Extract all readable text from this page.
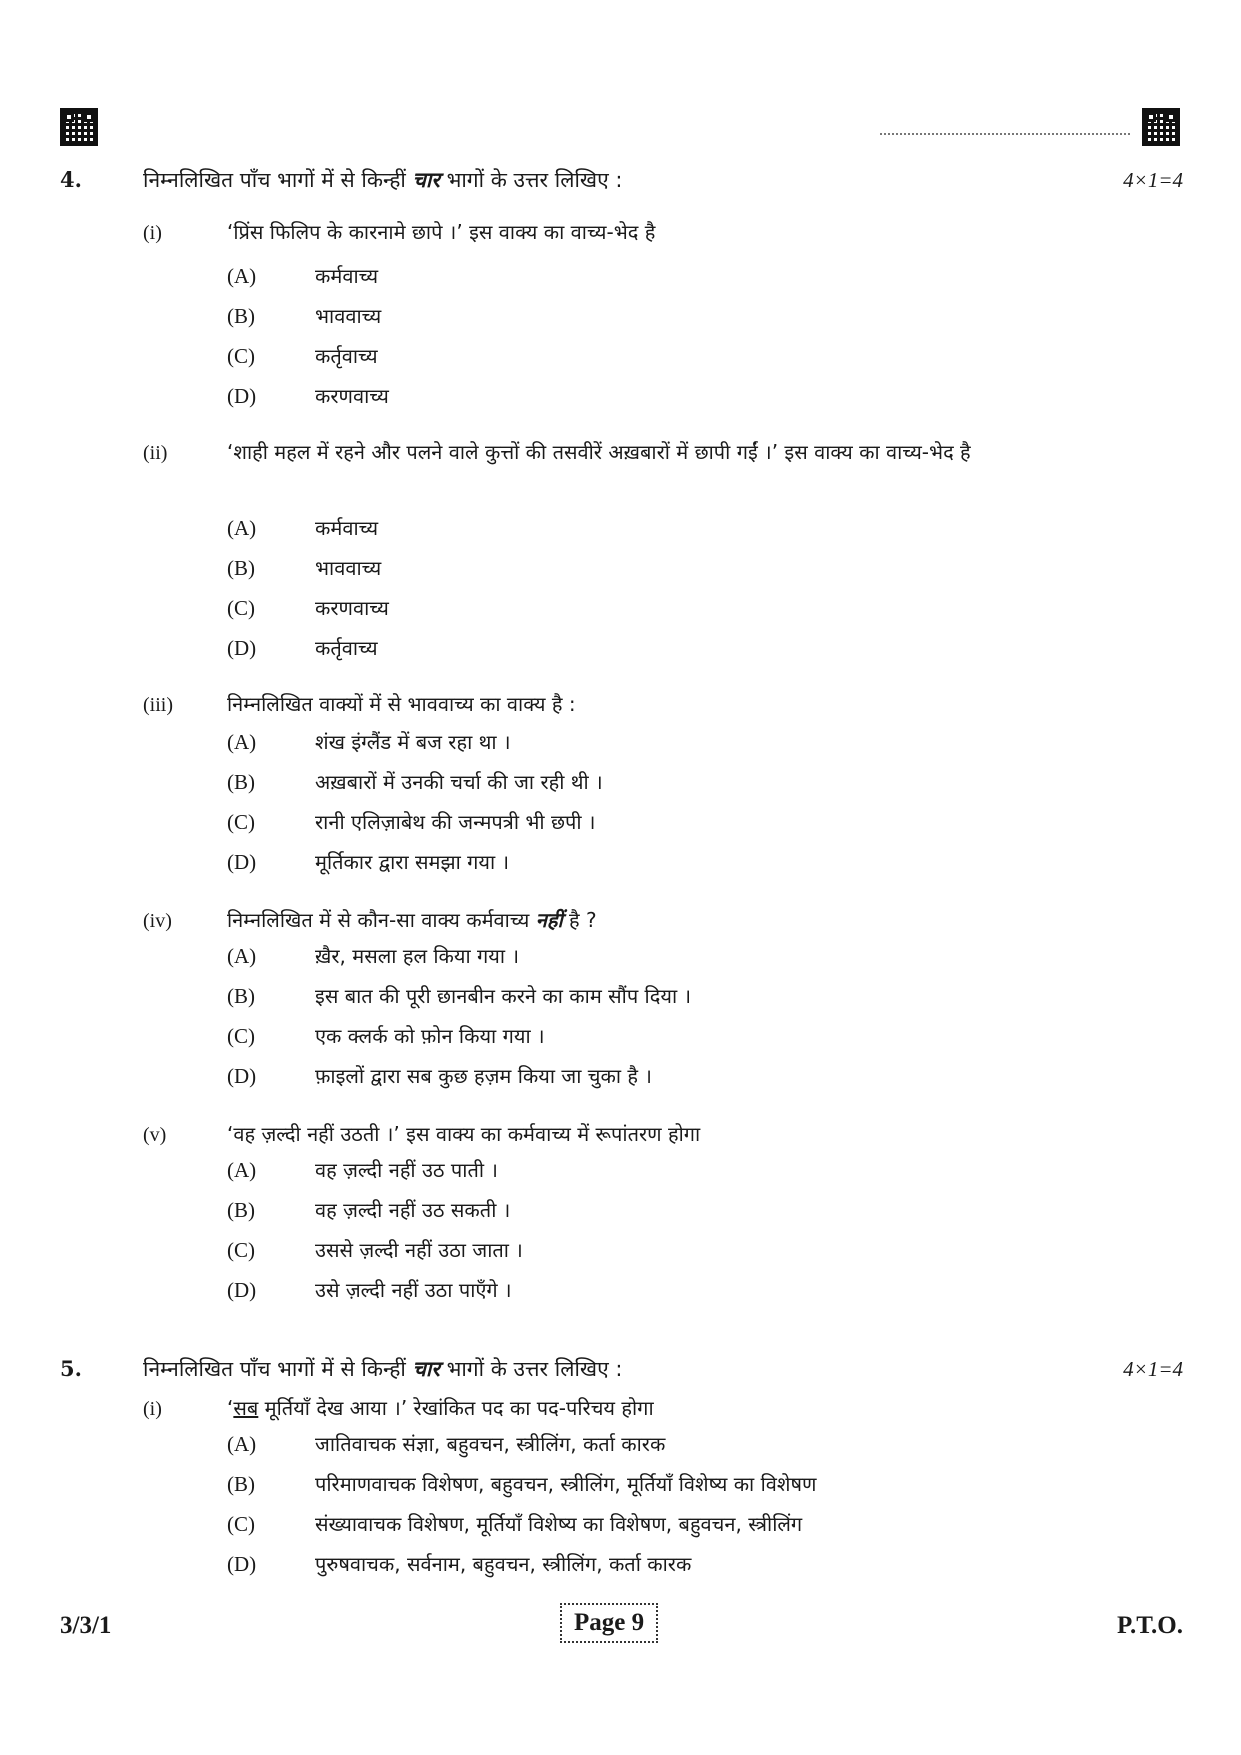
4.	निम्नलिखित पाँच भागों में से किन्हीं चार भागों के उत्तर लिखिए :	4×1=4
(i)	‘प्रिंस फिलिप के कारनामे छापे ।’ इस वाक्य का वाच्य-भेद है
(A)	कर्मवाच्य
(B)	भाववाच्य
(C)	कर्तृवाच्य
(D)	करणवाच्य
(ii)	‘शाही महल में रहने और पलने वाले कुत्तों की तसवीरें अख़बारों में छापी गईं ।’ इस वाक्य का वाच्य-भेद है
(A)	कर्मवाच्य
(B)	भाववाच्य
(C)	करणवाच्य
(D)	कर्तृवाच्य
(iii)	निम्नलिखित वाक्यों में से भाववाच्य का वाक्य है :
(A)	शंख इंग्लैंड में बज रहा था ।
(B)	अख़बारों में उनकी चर्चा की जा रही थी ।
(C)	रानी एलिज़ाबेथ की जन्मपत्री भी छपी ।
(D)	मूर्तिकार द्वारा समझा गया ।
(iv)	निम्नलिखित में से कौन-सा वाक्य कर्मवाच्य नहीं है ?
(A)	ख़ैर, मसला हल किया गया ।
(B)	इस बात की पूरी छानबीन करने का काम सौंप दिया ।
(C)	एक क्लर्क को फ़ोन किया गया ।
(D)	फ़ाइलों द्वारा सब कुछ हज़म किया जा चुका है ।
(v)	‘वह ज़ल्दी नहीं उठती ।’ इस वाक्य का कर्मवाच्य में रूपांतरण होगा
(A)	वह ज़ल्दी नहीं उठ पाती ।
(B)	वह ज़ल्दी नहीं उठ सकती ।
(C)	उससे ज़ल्दी नहीं उठा जाता ।
(D)	उसे ज़ल्दी नहीं उठा पाएँगे ।
5.	निम्नलिखित पाँच भागों में से किन्हीं चार भागों के उत्तर लिखिए :	4×1=4
(i)	‘सब मूर्तियाँ देख आया ।’ रेखांकित पद का पद-परिचय होगा
(A)	जातिवाचक संज्ञा, बहुवचन, स्त्रीलिंग, कर्ता कारक
(B)	परिमाणवाचक विशेषण, बहुवचन, स्त्रीलिंग, मूर्तियाँ विशेष्य का विशेषण
(C)	संख्यावाचक विशेषण, मूर्तियाँ विशेष्य का विशेषण, बहुवचन, स्त्रीलिंग
(D)	पुरुषवाचक, सर्वनाम, बहुवचन, स्त्रीलिंग, कर्ता कारक
3/3/1	Page 9	P.T.O.
